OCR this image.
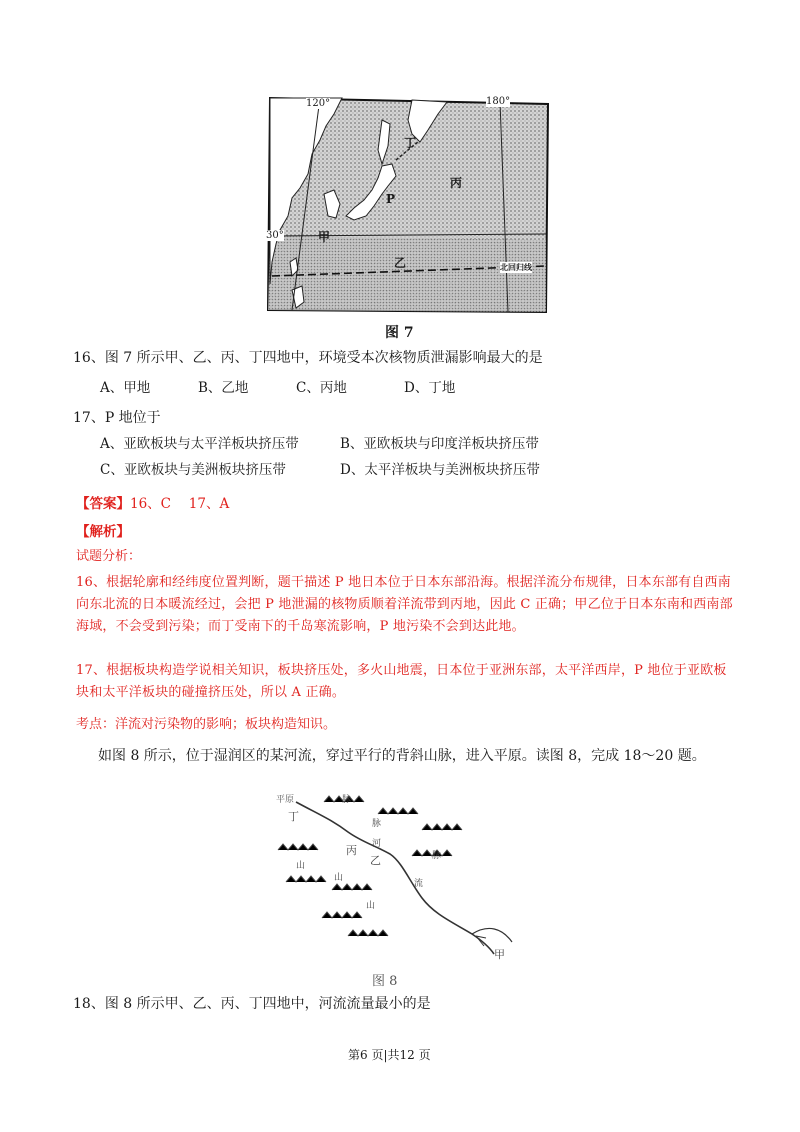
120°	180°
30°
丁
丙
P
甲
乙	北回归线
图 7
16、图 7 所示甲、乙、丙、丁四地中，环境受本次核物质泄漏影响最大的是
A、甲地	B、乙地	C、丙地	D、丁地
17、P 地位于
A、亚欧板块与太平洋板块挤压带	B、亚欧板块与印度洋板块挤压带
C、亚欧板块与美洲板块挤压带	D、太平洋板块与美洲板块挤压带
【答案】16、C　 17、A
【解析】
试题分析：
16、根据轮廓和经纬度位置判断，题干描述 P 地日本位于日本东部沿海。根据洋流分布规律，日本东部有自西南向东北流的日本暖流经过，会把 P 地泄漏的核物质顺着洋流带到丙地，因此 C 正确；甲乙位于日本东南和西南部海域，不会受到污染；而丁受南下的千岛寒流影响，P 地污染不会到达此地。
17、根据板块构造学说相关知识，板块挤压处，多火山地震，日本位于亚洲东部，太平洋西岸，P 地位于亚欧板块和太平洋板块的碰撞挤压处，所以 A 正确。
考点：洋流对污染物的影响；板块构造知识。
如图 8 所示，位于湿润区的某河流，穿过平行的背斜山脉，进入平原。读图 8，完成 18～20 题。
平原
丁
脉
脉
脉
丙
乙
河
流
山
山
山
甲
图 8
18、图 8 所示甲、乙、丙、丁四地中，河流流量最小的是
第6 页|共12 页
